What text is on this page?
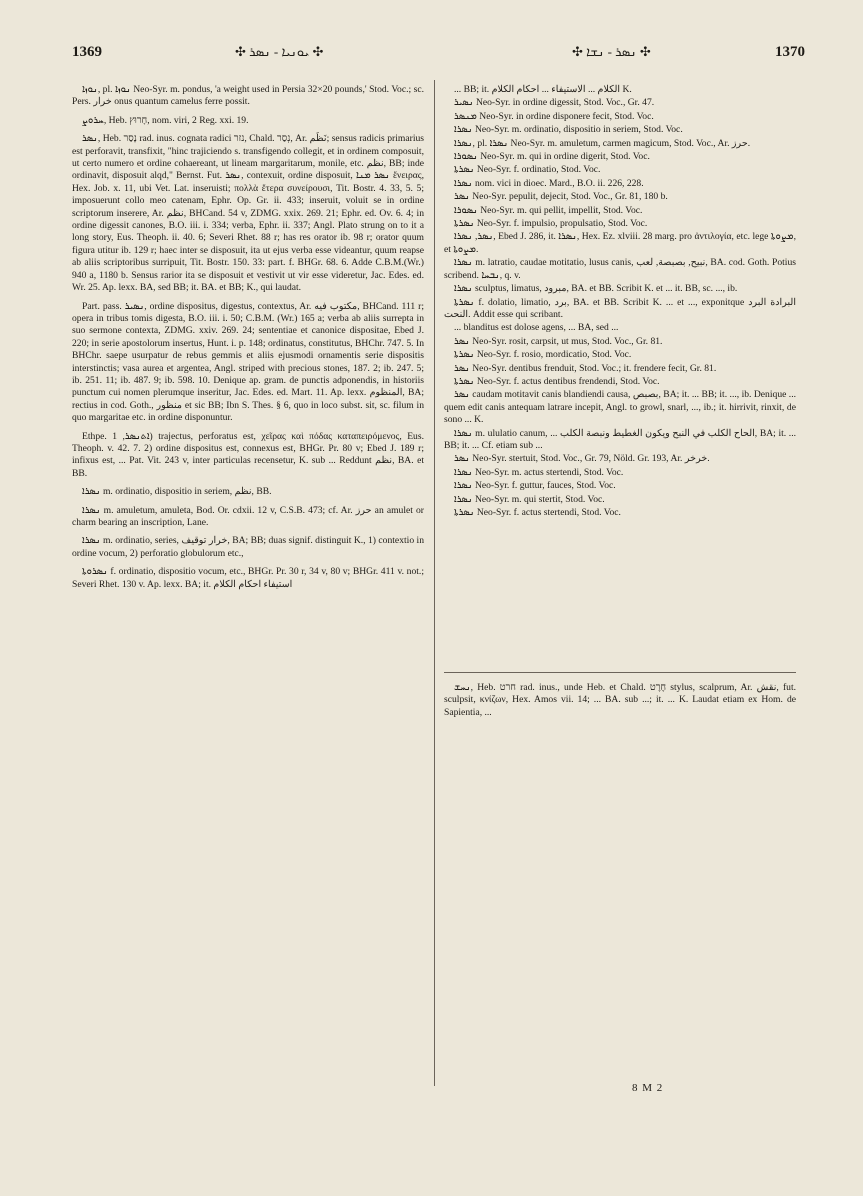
1369	✣ ܝܘܢܝܐ - ܢܣܪ ✣	✣ ܢܣܪ - ܢܫܐ ✣	1370

ܢܘܙܐ, pl. ܢܘܙܐ Neo-Syr. m. pondus, 'a weight used in Persia 32×20 pounds,' Stod. Voc.; sc. Pers. خرار onus quantum camelus ferre possit.

ܚܪܘܨ, Heb. חָרוּץ, nom. viri, 2 Reg. xxi. 19.

ܢܣܪ, Heb. נָסַר rad. inus. cognata radici נזר, Chald. נְסַר, Ar. نَظَم; sensus radicis primarius est perforavit, transfixit, "hinc trajiciendo s. transfigendo collegit, et in ordinem composuit, ut certo numero et ordine cohaereant, ut lineam margaritarum, monile, etc. نظم, BB; inde ordinavit, disposuit alqd," Bernst. Fut. ܢܣܪ, contexuit, ordine disposuit, ܢܣܪ ܡܢܐ ἔνειρας, Hex. Job. x. 11, ubi Vet. Lat. inseruisti; πολλὰ ἕτερα συνείρουσι, Tit. Bostr. 4. 33, 5. 5; imposuerunt collo meo catenam, Ephr. Op. Gr. ii. 433; inseruit, voluit se in ordine scriptorum inserere, Ar. نظم, BHCand. 54 v, ZDMG. xxix. 269. 21; Ephr. ed. Ov. 6. 4; in ordine digessit canones, B.O. iii. i. 334; verba, Ephr. ii. 337; Angl. Plato strung on to it a long story, Eus. Theoph. ii. 40. 6; Severi Rhet. 88 r; has res orator ib. 98 r; orator quum figura utitur ib. 129 r; haec inter se disposuit, ita ut ejus verba esse videantur, quum reapse ab aliis scriptoribus surripuit, Tit. Bostr. 150. 33: part. f. BHGr. 68. 6. Adde C.B.M.(Wr.) 940 a, 1180 b. Sensus rarior ita se disposuit et vestivit ut vir esse videretur, Jac. Edes. ed. Wr. 25. Ap. lexx. BA, sed BB; it. BA. et BB; K., qui laudat.

Part. pass. ܢܣܝܪ, ordine dispositus, digestus, contextus, Ar. مكتوب فيه, BHCand. 111 r; opera in tribus tomis digesta, B.O. iii. i. 50; C.B.M. (Wr.) 165 a; verba ab aliis surrepta in suo sermone contexta, ZDMG. xxiv. 269. 24; sententiae et canonice dispositae, Ebed J. 220; in serie apostolorum insertus, Hunt. i. p. 148; ordinatus, constitutus, BHChr. 747. 5. In BHChr. saepe usurpatur de rebus gemmis et aliis ejusmodi ornamentis serie dispositis interstinctis; vasa aurea et argentea, Angl. striped with precious stones, 187. 2; ib. 247. 5; ib. 251. 11; ib. 487. 9; ib. 598. 10. Denique ap. gram. de punctis adponendis, in historiis punctum cui nomen plerumque inseritur, Jac. Edes. ed. Mart. 11. Ap. lexx. المنظوم, BA; rectius in cod. Goth., منظور et sic BB; Ibn S. Thes. § 6, quo in loco subst. sit, sc. filum in quo margaritae etc. in ordine disponuntur.

Ethpe. ܐܬܢܣܪ, 1) trajectus, perforatus est, χεῖρας καὶ πόδας καταπειρόμενος, Eus. Theoph. v. 42. 7. 2) ordine dispositus est, connexus est, BHGr. Pr. 80 v; Ebed J. 189 r; infixus est, ... Pat. Vit. 243 v, inter particulas recensetur, K. sub ... Reddunt نظم, BA. et BB.

ܢܣܪܐ m. ordinatio, dispositio in seriem, نظم, BB.

ܢܣܪܐ m. amuletum, amuleta, Bod. Or. cdxii. 12 v, C.S.B. 473; cf. Ar. حرز an amulet or charm bearing an inscription, Lane.

ܢܣܪܐ m. ordinatio, series, خرار توقيف, BA; BB; duas signif. distinguit K., 1) contextio in ordine vocum, 2) perforatio globulorum etc.,

ܢܣܪܘܬܐ f. ordinatio, dispositio vocum, etc., BHGr. Pr. 30 r, 34 v, 80 v; BHGr. 411 v. not.; Severi Rhet. 130 v. Ap. lexx. BA; it. استيفاء احكام الكلام

... BB; it. الكلام ... الاستيفاء ... احكام الكلام K.

ܢܣܝܪ Neo-Syr. in ordine digessit, Stod. Voc., Gr. 47.

ܡܢܣܪ Neo-Syr. in ordine disponere fecit, Stod. Voc.

ܢܣܪܐ Neo-Syr. m. ordinatio, dispositio in seriem, Stod. Voc.

ܢܣܪܐ, pl. ܢܣܪܐ Neo-Syr. m. amuletum, carmen magicum, Stod. Voc., Ar. حرز.

ܢܣܘܪܐ Neo-Syr. m. qui in ordine digerit, Stod. Voc.

ܢܣܪܬܐ Neo-Syr. f. ordinatio, Stod. Voc.

ܢܣܪܐ nom. vici in dioec. Mard., B.O. ii. 226, 228.

ܢܣܪ Neo-Syr. pepulit, dejecit, Stod. Voc., Gr. 81, 180 b.

ܢܣܘܪܐ Neo-Syr. m. qui pellit, impellit, Stod. Voc.

ܢܣܪܬܐ Neo-Syr. f. impulsio, propulsatio, Stod. Voc.

ܢܣܪ, ܢܣܪܐ, Ebed J. 286, it. ܢܣܪܐ, Hex. Ez. xlviii. 28 marg. pro ἀντιλογία, etc. lege ܡܨܘܬܐ, et ܡܨܘܬܐ.

ܢܣܪܐ m. latratio, caudae motitatio, lusus canis, نبيح, بصبصة, لعب, BA. cod. Goth. Potius scribend. ܢܒܚܐ, q. v.

ܢܣܪܐ sculptus, limatus, مبرود, BA. et BB. Scribit K. et ... it. BB, sc. ..., ib.

ܢܣܪܬܐ f. dolatio, limatio, برد, BA. et BB. Scribit K. ... et ..., exponitque البرادة البرد النحت. Addit esse qui scribant.

... blanditus est dolose agens, ... BA, sed ...

ܢܣܪ Neo-Syr. rosit, carpsit, ut mus, Stod. Voc., Gr. 81.

ܢܣܪܬܐ Neo-Syr. f. rosio, mordicatio, Stod. Voc.

ܢܣܪ Neo-Syr. dentibus frenduit, Stod. Voc.; it. frendere fecit, Gr. 81.

ܢܣܪܬܐ Neo-Syr. f. actus dentibus frendendi, Stod. Voc.

ܢܣܪ caudam motitavit canis blandiendi causa, بصبص, BA; it. ... BB; it. ..., ib. Denique ... quem edit canis antequam latrare incepit, Angl. to growl, snarl, ..., ib.; it. hirrivit, rinxit, de sono ... K.

ܢܣܪܐ m. ululatio canum, ... الحاح الكلب في النبح ويكون الغطيط ونبصة الكلب, BA; it. ... BB; it. ... Cf. etiam sub ...

ܢܣܪ Neo-Syr. stertuit, Stod. Voc., Gr. 79, Nöld. Gr. 193, Ar. خرخر.

ܢܣܪܐ Neo-Syr. m. actus stertendi, Stod. Voc.

ܢܣܪܐ Neo-Syr. f. guttur, fauces, Stod. Voc.

ܢܣܪܐ Neo-Syr. m. qui stertit, Stod. Voc.

ܢܣܪܬܐ Neo-Syr. f. actus stertendi, Stod. Voc.

ܢܚܫ, Heb. חרט rad. inus., unde Heb. et Chald. חֶרֶט stylus, scalprum, Ar. نقش, fut. sculpsit, κνίζων, Hex. Amos vii. 14; ... BA. sub ...; it. ... K. Laudat etiam ex Hom. de Sapientia, ...

8 M 2
